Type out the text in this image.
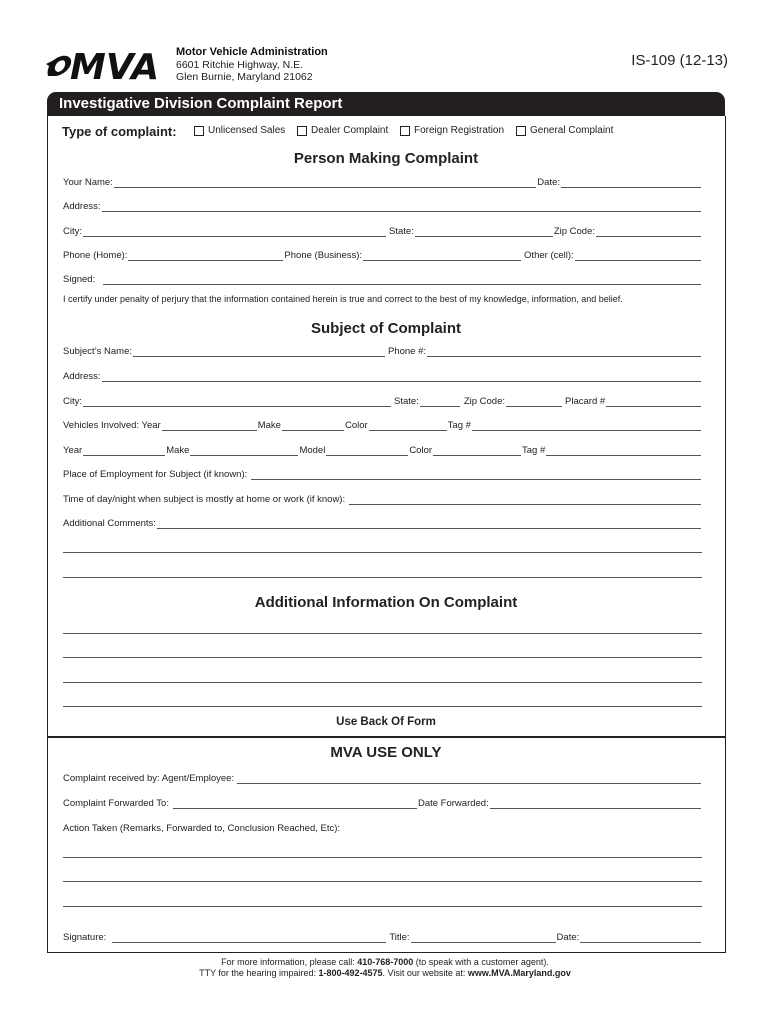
MVA Motor Vehicle Administration
6601 Ritchie Highway, N.E.
Glen Burnie, Maryland 21062
IS-109 (12-13)
Investigative Division Complaint Report
Type of complaint:	Unlicensed Sales	Dealer Complaint	Foreign Registration	General Complaint
Person Making Complaint
Your Name:	Date:
Address:
City:	State:	Zip Code:
Phone (Home):	Phone (Business):	Other (cell):
Signed:
I certify under penalty of perjury that the information contained herein is true and correct to the best of my knowledge, information, and belief.
Subject of Complaint
Subject’s Name:	Phone #:
Address:
City:	State:	Zip Code:	Placard #
Vehicles Involved: Year	Make	Color	Tag #
Year	Make	Model	Color	Tag #
Place of Employment for Subject (if known):
Time of day/night when subject is mostly at home or work (if know):
Additional Comments:
Additional Information On Complaint
Use Back Of Form
MVA USE ONLY
Complaint received by: Agent/Employee:
Complaint Forwarded To:	Date Forwarded:
Action Taken (Remarks, Forwarded to, Conclusion Reached, Etc):
Signature:	Title:	Date:
For more information, please call: 410-768-7000 (to speak with a customer agent).
TTY for the hearing impaired: 1-800-492-4575. Visit our website at: www.MVA.Maryland.gov
